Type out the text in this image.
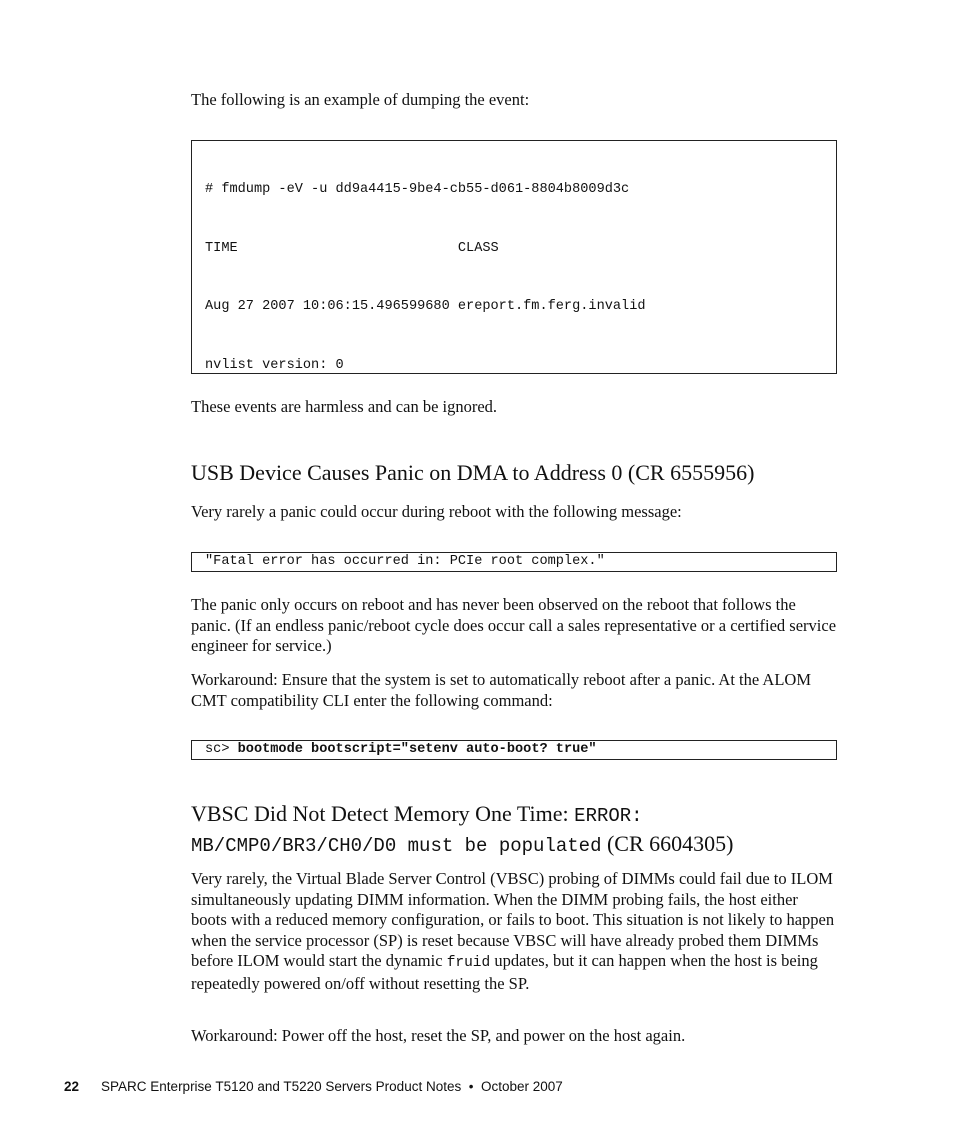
The following is an example of dumping the event:

# fmdump -eV -u dd9a4415-9be4-cb55-d061-8804b8009d3c

TIME                           CLASS

Aug 27 2007 10:06:15.496599680 ereport.fm.ferg.invalid

nvlist version: 0

These events are harmless and can be ignored.

USB Device Causes Panic on DMA to Address 0 (CR 6555956)

Very rarely a panic could occur during reboot with the following message:

"Fatal error has occurred in: PCIe root complex."

The panic only occurs on reboot and has never been observed on the reboot that follows the panic. (If an endless panic/reboot cycle does occur call a sales representative or a certified service engineer for service.)

Workaround: Ensure that the system is set to automatically reboot after a panic. At the ALOM CMT compatibility CLI enter the following command:

sc> bootmode bootscript="setenv auto-boot? true"
VBSC Did Not Detect Memory One Time: ERROR:
MB/CMP0/BR3/CH0/D0 must be populated (CR 6604305)

Very rarely, the Virtual Blade Server Control (VBSC) probing of DIMMs could fail due to ILOM simultaneously updating DIMM information. When the DIMM probing fails, the host either boots with a reduced memory configuration, or fails to boot. This situation is not likely to happen when the service processor (SP) is reset because VBSC will have already probed them DIMMs before ILOM would start the dynamic fruid updates, but it can happen when the host is being repeatedly powered on/off without resetting the SP.

Workaround: Power off the host, reset the SP, and power on the host again.

22 SPARC Enterprise T5120 and T5220 Servers Product Notes • October 2007
